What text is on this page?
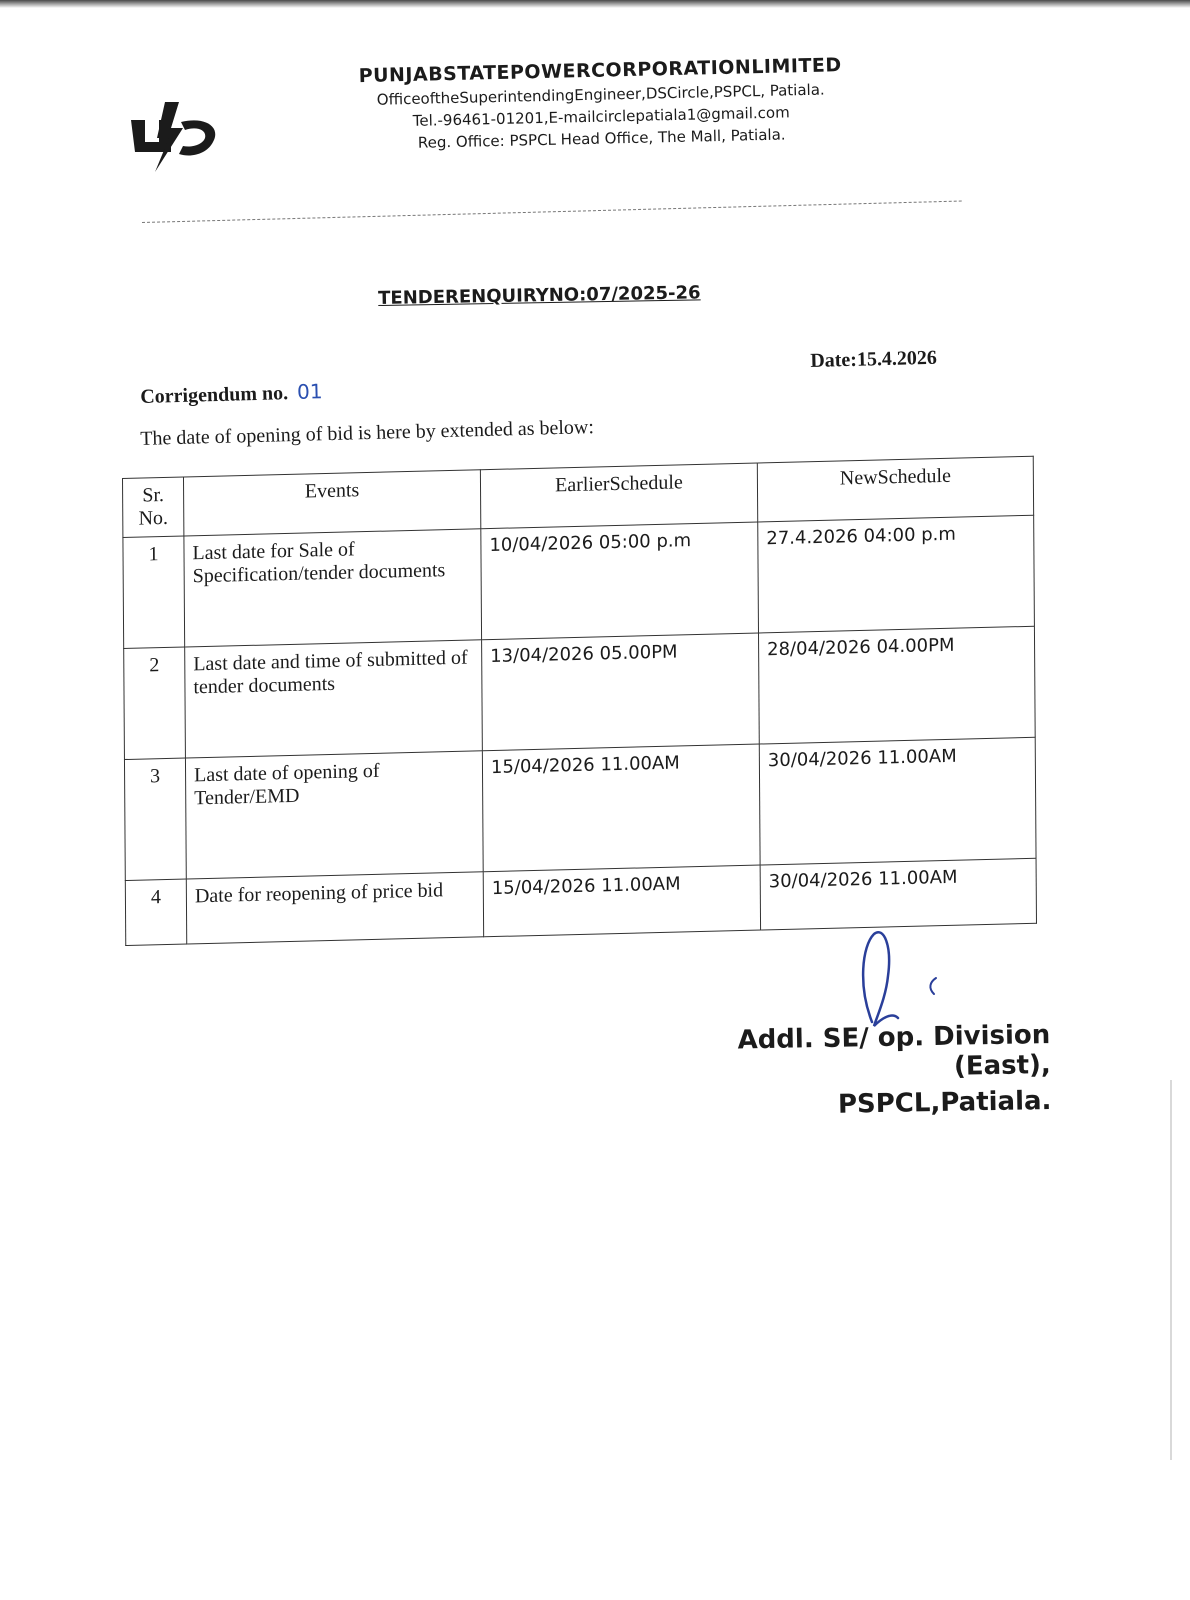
PUNJABSTATEPOWERCORPORATIONLIMITED

OfficeoftheSuperintendingEngineer,DSCircle,PSPCL, Patiala.

Tel.-96461-01201,E-mailcirclepatiala1@gmail.com

Reg. Office: PSPCL Head Office, The Mall, Patiala.

TENDERENQUIRYNO:07/2025-26
Date:15.4.2026
Corrigendum no. 01
The date of opening of bid is here by extended as below:
Sr. No.	Events	EarlierSchedule	NewSchedule
1	Last date for Sale of Specification/tender documents	10/04/2026 05:00 p.m	27.4.2026 04:00 p.m
2	Last date and time of submitted of tender documents	13/04/2026 05.00PM	28/04/2026 04.00PM
3	Last date of opening of Tender/EMD	15/04/2026 11.00AM	30/04/2026 11.00AM
4	Date for reopening of price bid	15/04/2026 11.00AM	30/04/2026 11.00AM
Addl. SE/ op. Division (East),
PSPCL,Patiala.
